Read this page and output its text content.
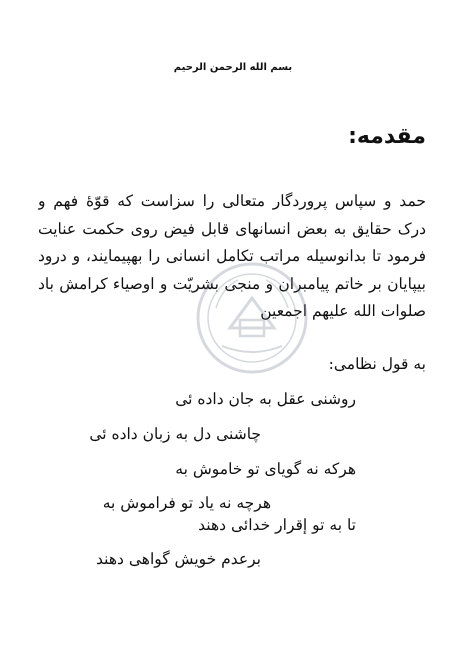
بسم الله الرحمن الرحيم
مقدمه:
حمد و سپاس پروردگار متعالی را سزاست که قوّهٔ فهم و
درک حقایق به بعض انسانهای قابل فیض روی حکمت عنایت
فرمود تا بدانوسیله مراتب تکامل انسانی را بهپیمایند، و درود
بیپایان بر خاتم پیامبران و منجی بشریّت و اوصیاء کرامش باد
صلوات الله علیهم اجمعین
به قول نظامی:
روشنی عقل به جان داده ئی
چاشنی دل به زبان داده ئی
هرکه نه گویای تو خاموش به
هرچه نه یاد تو فراموش به
تا به تو إقرار خدائی دهند
برعدم خویش گواهی دهند
